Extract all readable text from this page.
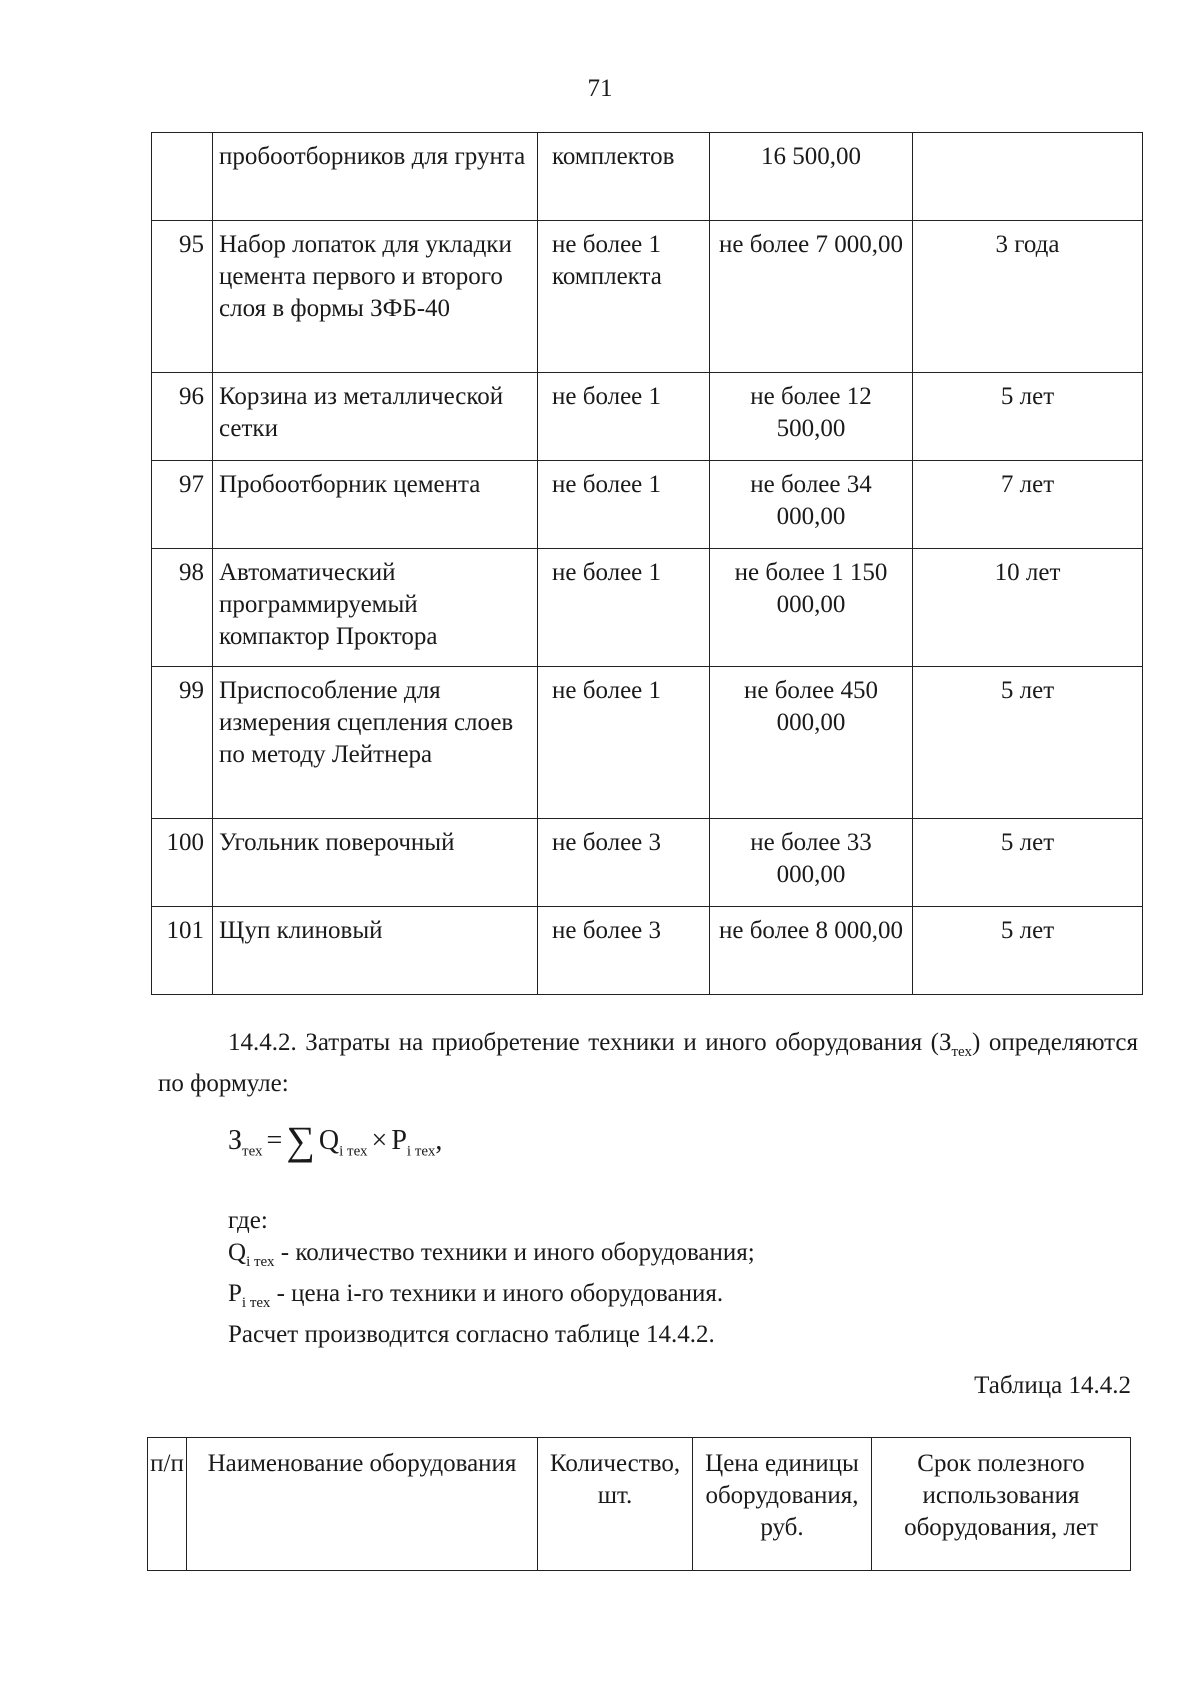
71
	пробоотборников для грунта	комплектов	16 500,00	
95	Набор лопаток для укладки цемента первого и второго слоя в формы ЗФБ-40	не более 1 комплекта	не более 7 000,00	3 года
96	Корзина из металлической сетки	не более 1	не более 12 500,00	5 лет
97	Пробоотборник цемента	не более 1	не более 34 000,00	7 лет
98	Автоматический программируемый компактор Проктора	не более 1	не более 1 150 000,00	10 лет
99	Приспособление для измерения сцепления слоев по методу Лейтнера	не более 1	не более 450 000,00	5 лет
100	Угольник поверочный	не более 3	не более 33 000,00	5 лет
101	Щуп клиновый	не более 3	не более 8 000,00	5 лет
14.4.2. Затраты на приобретение техники и иного оборудования $(З_{тех})$ определяются по формуле:
$З_{тех}$ = ∑ $Q_{i тех} \times P_{i тех}$,
где:
$Q_{i тех}$ - количество техники и иного оборудования;
$P_{i тех}$ - цена i-го техники и иного оборудования.
Расчет производится согласно таблице 14.4.2.
Таблица 14.4.2
п/п	Наименование оборудования	Количество, шт.	Цена единицы оборудования, руб.	Срок полезного использования оборудования, лет
